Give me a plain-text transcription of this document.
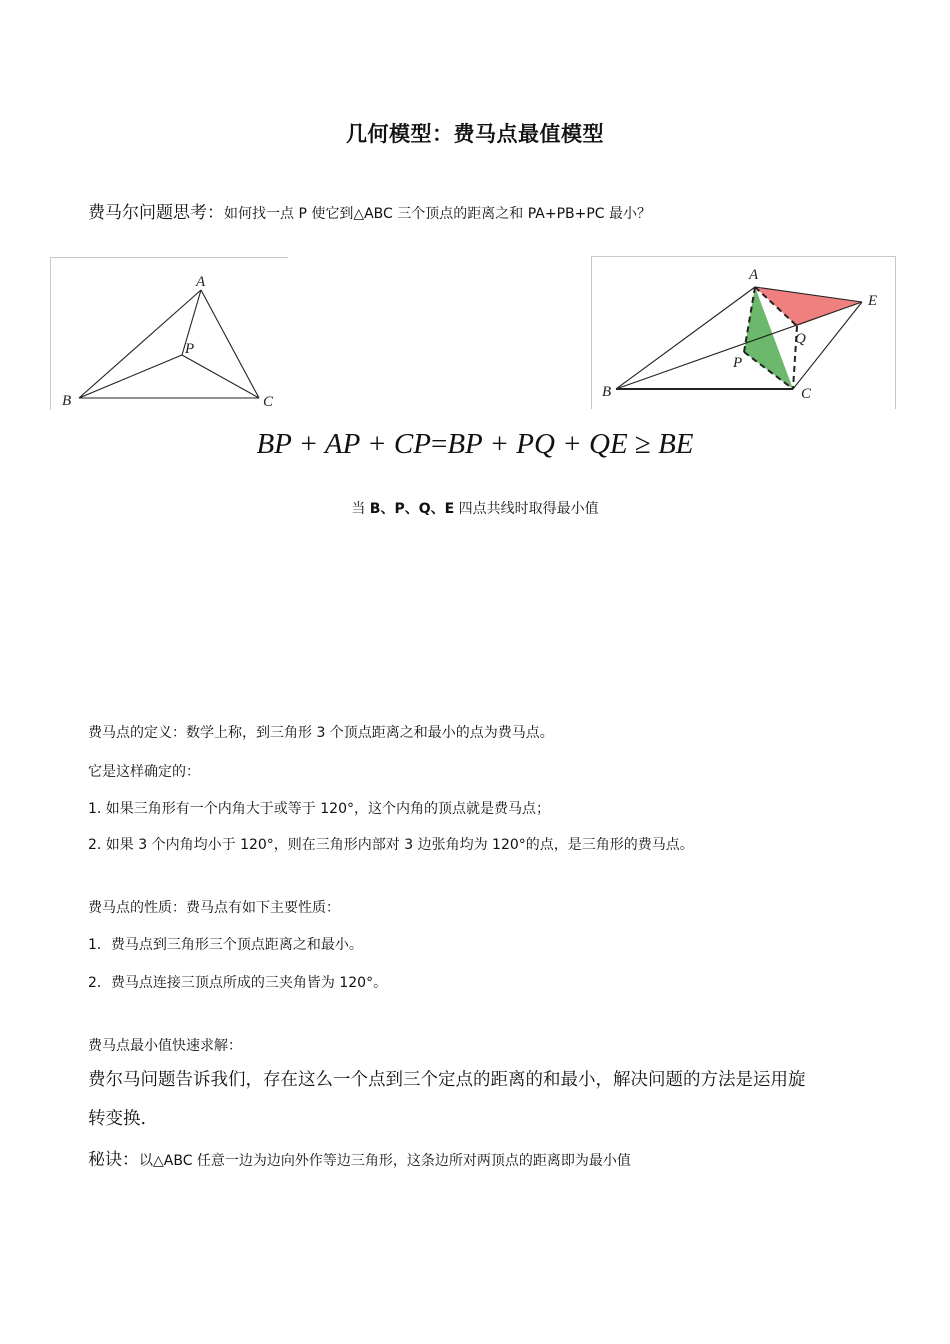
几何模型：费马点最值模型
费马尔问题思考：如何找一点 P 使它到△ABC 三个顶点的距离之和 PA+PB+PC 最小？
A
B	C
P
A
B	C
P
Q
E
BP + AP + CP=BP + PQ + QE ≥ BE
当 B、P、Q、E 四点共线时取得最小值
费马点的定义：数学上称，到三角形 3 个顶点距离之和最小的点为费马点。
它是这样确定的：
1. 如果三角形有一个内角大于或等于 120°，这个内角的顶点就是费马点；
2. 如果 3 个内角均小于 120°，则在三角形内部对 3 边张角均为 120°的点，是三角形的费马点。
费马点的性质：费马点有如下主要性质：
1．费马点到三角形三个顶点距离之和最小。
2．费马点连接三顶点所成的三夹角皆为 120°。
费马点最小值快速求解：
费尔马问题告诉我们，存在这么一个点到三个定点的距离的和最小，解决问题的方法是运用旋
转变换.
秘诀：以△ABC 任意一边为边向外作等边三角形，这条边所对两顶点的距离即为最小值
